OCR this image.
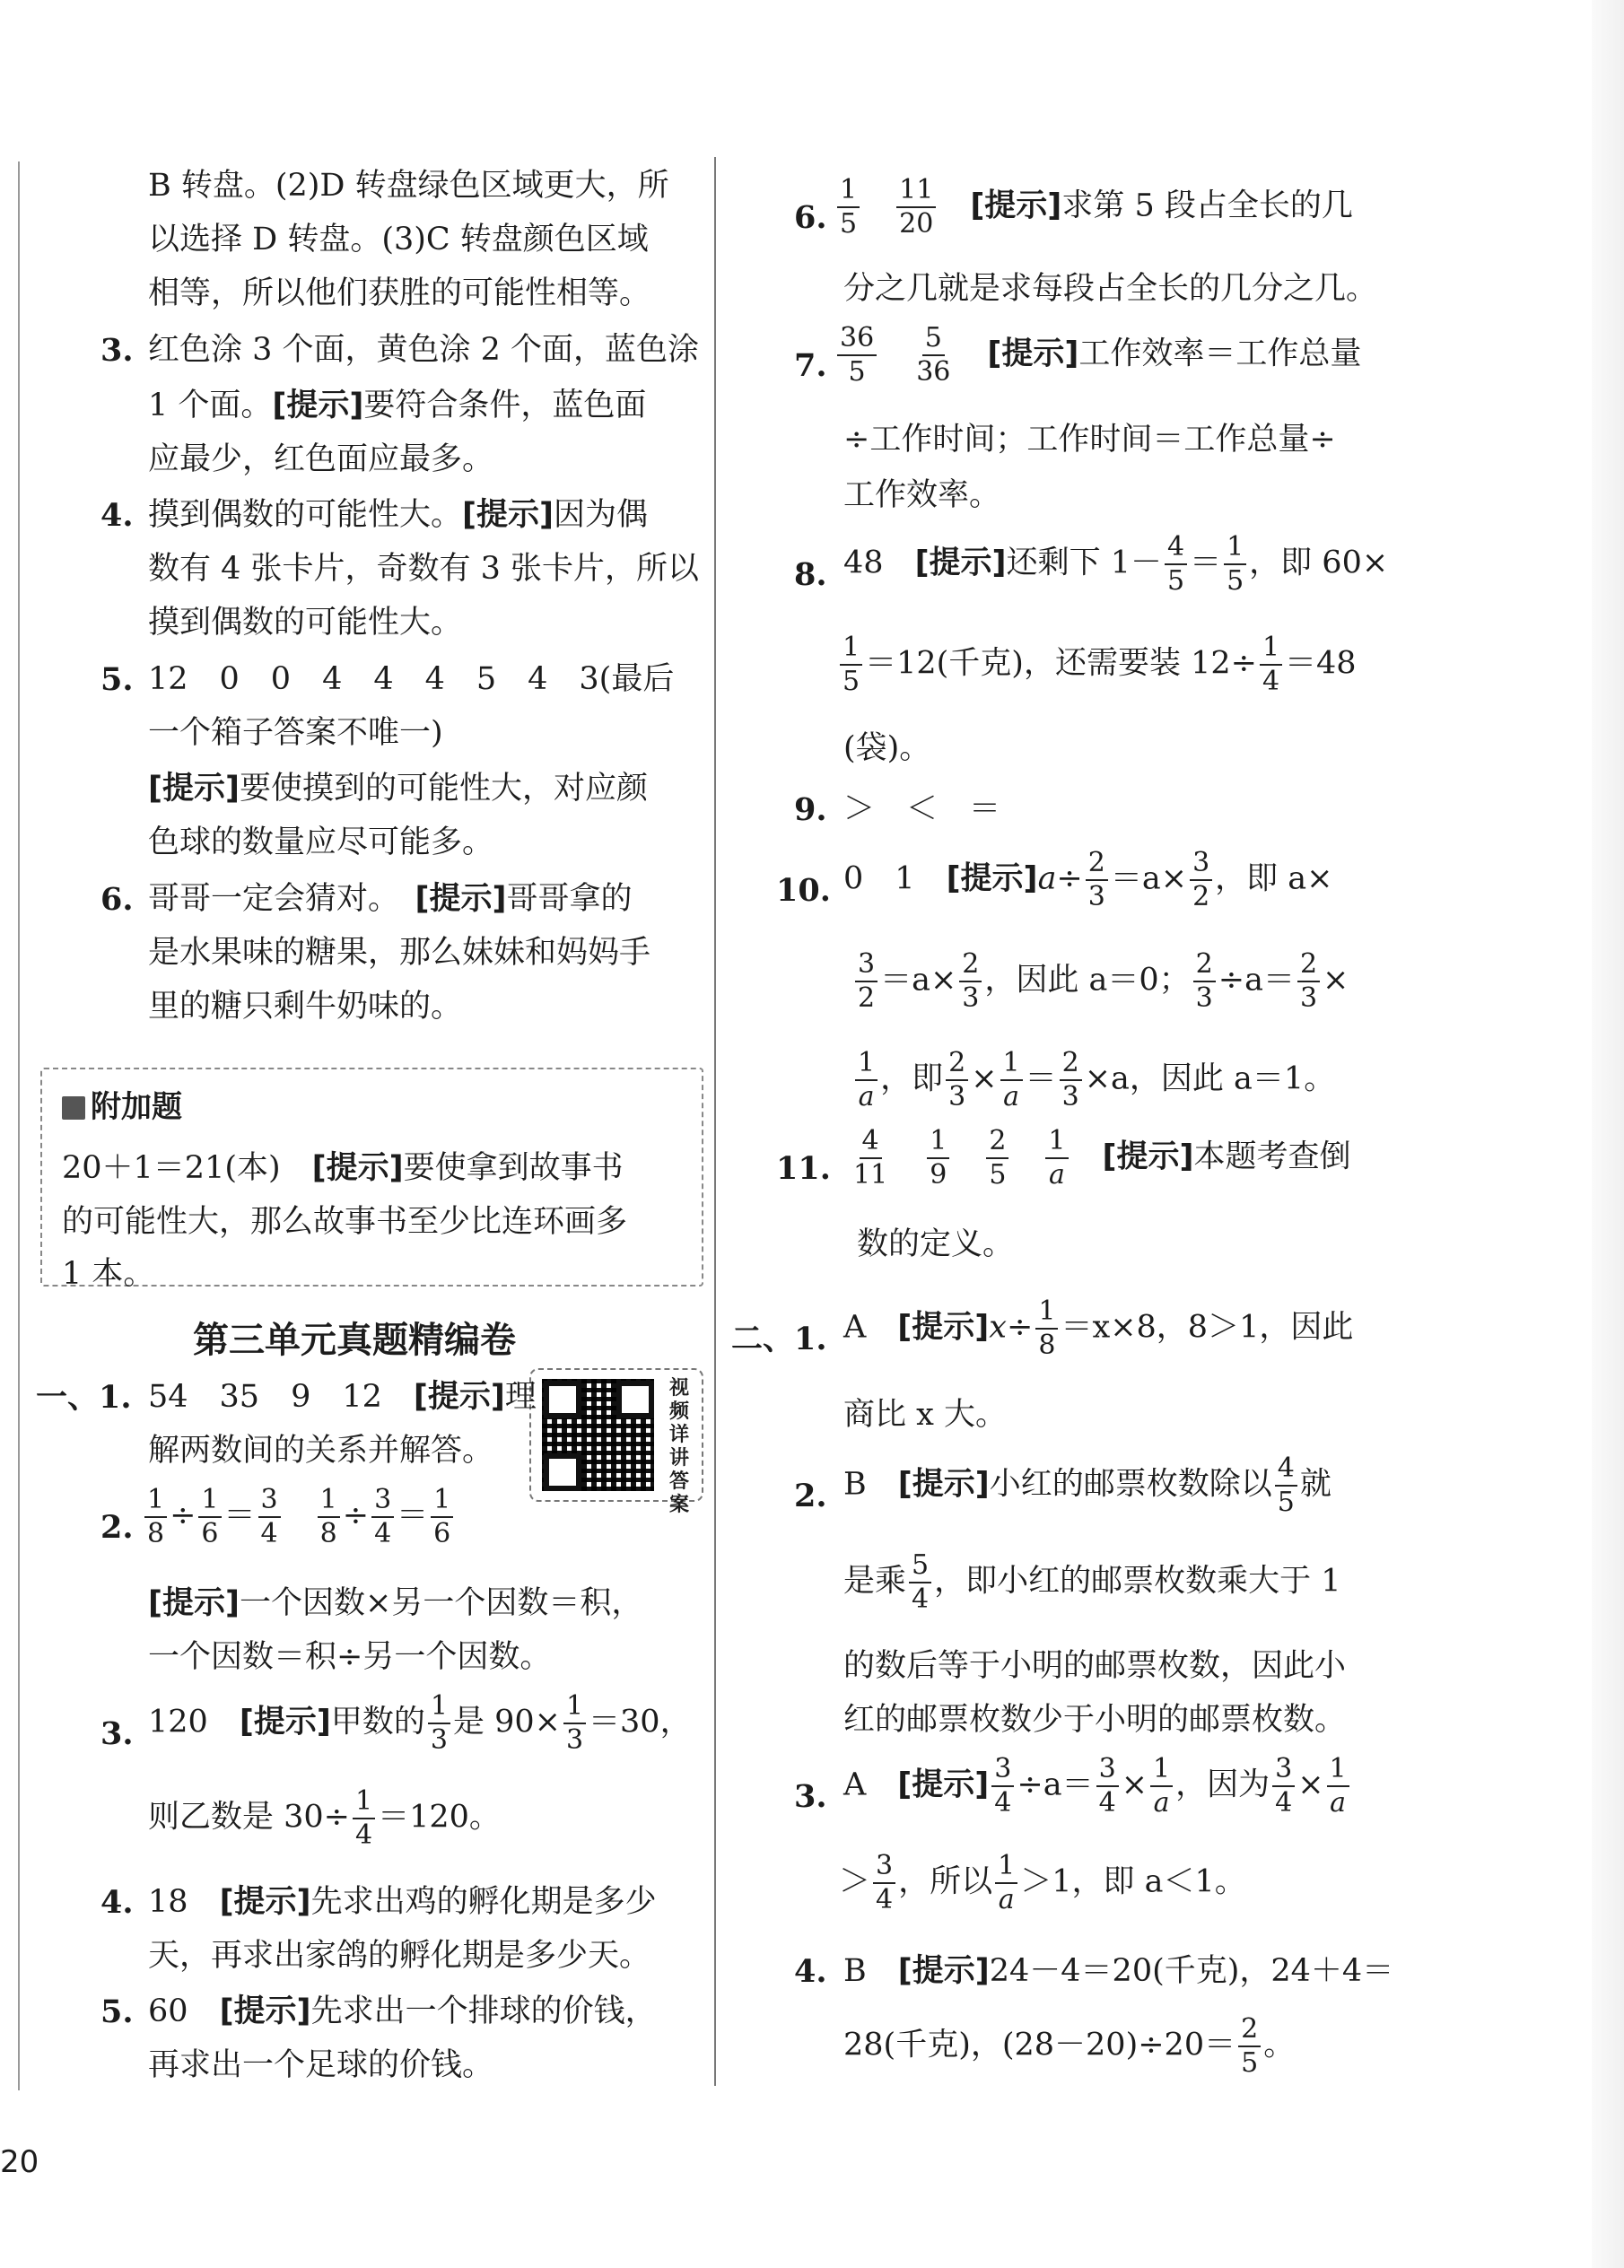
B 转盘。(2)D 转盘绿色区域更大，所
以选择 D 转盘。(3)C 转盘颜色区域
相等，所以他们获胜的可能性相等。
3. 红色涂 3 个面，黄色涂 2 个面，蓝色涂
1 个面。[提示]要符合条件，蓝色面
应最少，红色面应最多。
4. 摸到偶数的可能性大。[提示]因为偶
数有 4 张卡片，奇数有 3 张卡片，所以
摸到偶数的可能性大。
5. 12　0　0　4　4　4　5　4　3(最后
一个箱子答案不唯一)
[提示]要使摸到的可能性大，对应颜
色球的数量应尽可能多。
6. 哥哥一定会猜对。　 [提示]哥哥拿的
是水果味的糖果，那么妹妹和妈妈手
里的糖只剩牛奶味的。
附加题
20＋1＝21(本)　 [提示]要使拿到故事书
的可能性大，那么故事书至少比连环画多
1 本。
第三单元真题精编卷
视频详讲答案
一、1. 54　35　9　12　 [提示]理
解两数间的关系并解答。
2. $\frac{1}{8} \div \frac{1}{6} = \frac{3}{4}$
　 $\frac{1}{8} \div \frac{3}{4} = \frac{1}{6}$
[提示]一个因数×另一个因数＝积，
一个因数＝积÷另一个因数。
3. 120　 [提示]甲数的 $\frac{1}{3}$ 是 $90\times \frac{1}{3} =30$，
则乙数是 $30\div \frac{1}{4} =120$。
4. 18　 [提示]先求出鸡的孵化期是多少
天，再求出家鸽的孵化期是多少天。
5. 60　 [提示]先求出一个排球的价钱，
再求出一个足球的价钱。
6. $\frac{1}{5}$
　 $\frac{11}{20}$
　 [提示]求第 5 段占全长的几
分之几就是求每段占全长的几分之几。
7. $\frac{36}{5}$
　 $\frac{5}{36}$
　 [提示]工作效率＝工作总量
÷工作时间；工作时间＝工作总量÷
工作效率。
8. 48　 [提示]还剩下 $1- \frac{4}{5} = \frac{1}{5}$ ，即 60×
$\frac{1}{5} =12$(千克)，还需要装 $12\div \frac{1}{4} =48$
(袋)。
9. ＞　＜　＝
10. 0　1　 [提示]$a\div \frac{2}{3} =a\times \frac{3}{2}$ ，即 a×
$\frac{3}{2} =a\times \frac{2}{3}$ ，因此 a＝0； $\frac{2}{3} \div a= \frac{2}{3}$ ×
$\frac{1}{a}$ ，即 $\frac{2}{3} \times \frac{1}{a} = \frac{2}{3} \times a$，因此 a＝1。
11. $\frac{4}{11}$
　 $\frac{1}{9}$
　 $\frac{2}{5}$
　 $\frac{1}{a}$
　 [提示]本题考查倒
数的定义。
二、1. A　 [提示]$x\div \frac{1}{8} =x\times 8$，8＞1，因此
商比 x 大。
2. B　 [提示]小红的邮票枚数除以 $\frac{4}{5}$ 就
是乘 $\frac{5}{4}$ ，即小红的邮票枚数乘大于 1
的数后等于小明的邮票枚数，因此小
红的邮票枚数少于小明的邮票枚数。
3. A　 [提示] $\frac{3}{4} \div a= \frac{3}{4} \times \frac{1}{a}$ ，因为 $\frac{3}{4} \times \frac{1}{a}$
＞ $\frac{3}{4}$ ，所以 $\frac{1}{a} >1$，即 a＜1。
4. B　 [提示]24－4＝20(千克)，24＋4＝
28(千克)，$(28-20)\div 20= \frac{2}{5}$ 。
20
